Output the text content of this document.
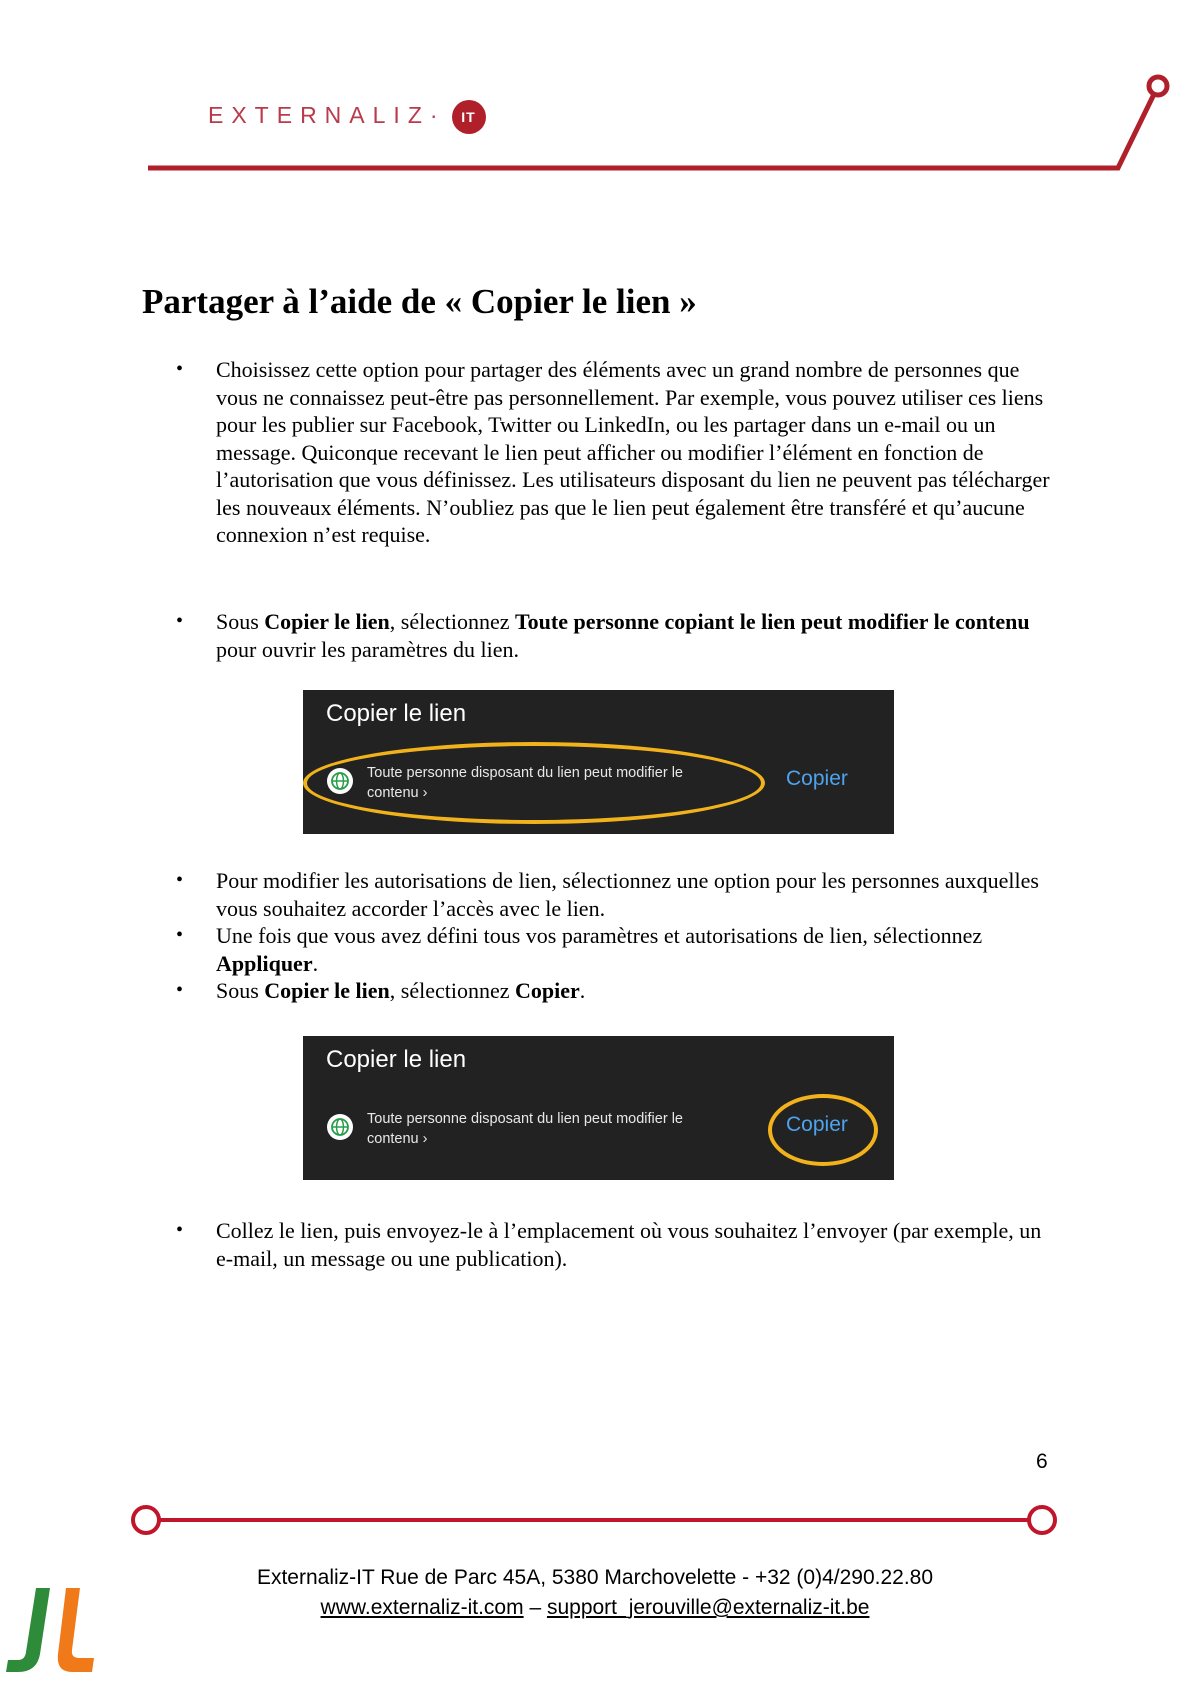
EXTERNALIZ· IT
Partager à l’aide de « Copier le lien »
• Choisissez cette option pour partager des éléments avec un grand nombre de personnes que vous ne connaissez peut-être pas personnellement. Par exemple, vous pouvez utiliser ces liens pour les publier sur Facebook, Twitter ou LinkedIn, ou les partager dans un e-mail ou un message. Quiconque recevant le lien peut afficher ou modifier l’élément en fonction de l’autorisation que vous définissez. Les utilisateurs disposant du lien ne peuvent pas télécharger les nouveaux éléments. N’oubliez pas que le lien peut également être transféré et qu’aucune connexion n’est requise.
• Sous Copier le lien, sélectionnez Toute personne copiant le lien peut modifier le contenu pour ouvrir les paramètres du lien.
Copier le lien
Toute personne disposant du lien peut modifier le
contenu ›
Copier
• Pour modifier les autorisations de lien, sélectionnez une option pour les personnes auxquelles vous souhaitez accorder l’accès avec le lien.
• Une fois que vous avez défini tous vos paramètres et autorisations de lien, sélectionnez Appliquer.
• Sous Copier le lien, sélectionnez Copier.
Copier le lien
Toute personne disposant du lien peut modifier le
contenu ›
Copier
• Collez le lien, puis envoyez-le à l’emplacement où vous souhaitez l’envoyer (par exemple, un e-mail, un message ou une publication).
6
Externaliz-IT Rue de Parc 45A, 5380 Marchovelette - +32 (0)4/290.22.80
www.externaliz-it.com – support_jerouville@externaliz-it.be
